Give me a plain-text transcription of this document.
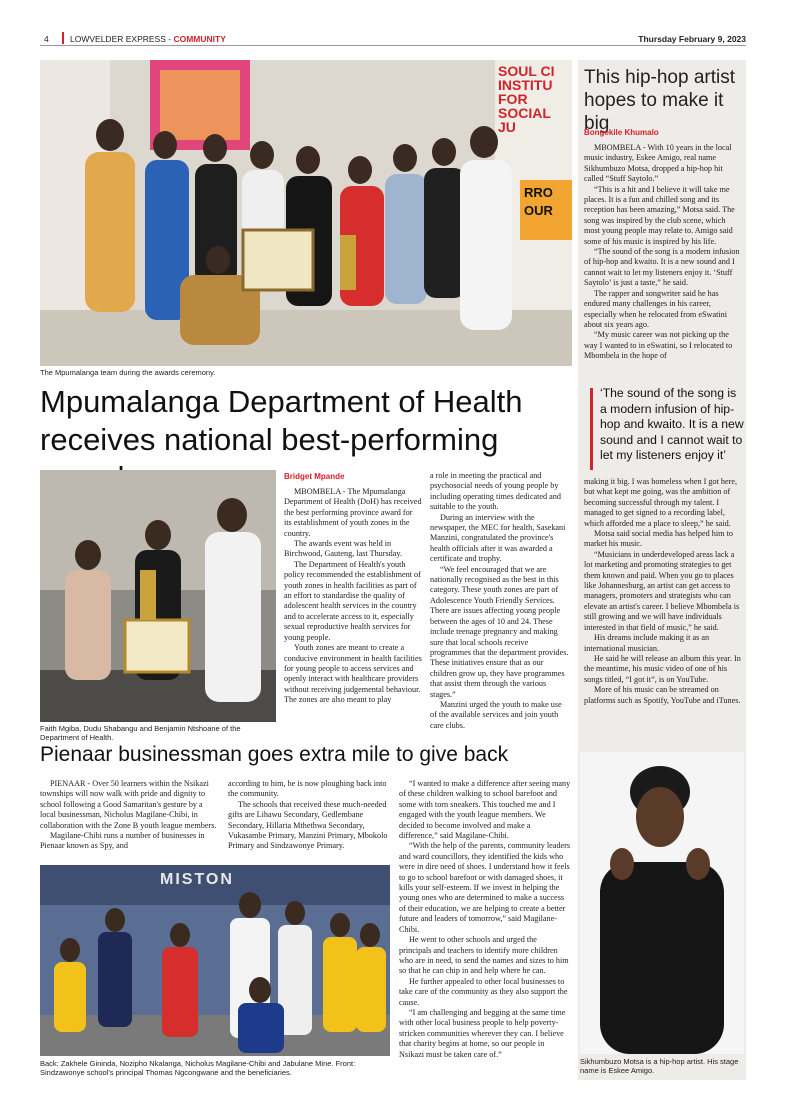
4	LOWVELDER EXPRESS - COMMUNITY	Thursday February 9, 2023
SOUL CI INSTITU FOR SOCIAL JU
RRO OUR
The Mpumalanga team during the awards ceremony.
Mpumalanga Department of Health receives national best-performing
Faith Mgiba, Dudu Shabangu and Benjamin Ntshoane of the Department of Health.
Bridget Mpande

MBOMBELA - The Mpumalanga Department of Health (DoH) has received the best performing province award for its establishment of youth zones in the country.

The awards event was held in Birchwood, Gauteng, last Thursday.

The Department of Health's youth policy recommended the establishment of youth zones in health facilities as part of an effort to standardise the quality of adolescent health services in the country and to accelerate access to it, especially sexual reproductive health services for young people.

Youth zones are meant to create a conducive environment in health facilities for young people to access services and openly interact with healthcare providers without receiving judgemental behaviour. The zones are also meant to play

a role in meeting the practical and psychosocial needs of young people by including operating times dedicated and suitable to the youth.

During an interview with the newspaper, the MEC for health, Sasekani Manzini, congratulated the province's health officials after it was awarded a certificate and trophy.

“We feel encouraged that we are nationally recognised as the best in this category. These youth zones are part of Adolescence Youth Friendly Services. There are issues affecting young people between the ages of 10 and 24. These include teenage pregnancy and making sure that local schools receive programmes that the department provides. These initiatives ensure that as our children grow up, they have programmes that assist them through the various stages.”

Manzini urged the youth to make use of the available services and join youth care clubs.

Pienaar businessman goes extra mile to give back

PIENAAR - Over 50 learners within the Nsikazi townships will now walk with pride and dignity to school following a Good Samaritan's gesture by a local businessman, Nicholus Magilane-Chibi, in collaboration with the Zone B youth league members.

Magilane-Chibi runs a number of businesses in Pienaar known as Spy, and

according to him, he is now ploughing back into the community.

The schools that received these much-needed gifts are Lihawu Secondary, Gedlembane Secondary, Hillaria Mthethwa Secondary, Vukasambe Primary, Manzini Primary, Mbokolo Primary and Sindzawonye Primary.

“I wanted to make a difference after seeing many of these children walking to school barefoot and some with torn sneakers. This touched me and I engaged with the youth league members. We decided to become involved and make a difference,” said Magilane-Chibi.

“With the help of the parents, community leaders and ward councillors, they identified the kids who were in dire need of shoes. I understand how it feels to go to school barefoot or with damaged shoes, it kills your self-esteem. If we invest in helping the young ones who are determined to make a success of their education, we are helping to create a better future and leaders of tomorrow,” said Magilane-Chibi.

He went to other schools and urged the principals and teachers to identify more children who are in need, to send the names and sizes to him so that he can chip in and help where he can.

He further appealed to other local businesses to take care of the community as they also support the cause.

“I am challenging and begging at the same time with other local business people to help poverty-stricken communities wherever they can. I believe that charity begins at home, so our people in Nsikazi must be taken care of.”

MISTON
Back: Zakhele Ginindа, Nozipho Nkalanga, Nicholus Magilane-Chibi and Jabulane Mine. Front: Sindzawonye school's principal Thomas Ngcongwane and the beneficiaries.
This hip-hop artist hopes to make it big
Bongekile Khumalo

MBOMBELA - With 10 years in the local music industry, Eskee Amigo, real name Sikhumbuzo Motsa, dropped a hip-hop hit called “Stuff Saytolo.”

“This is a hit and I believe it will take me places. It is a fun and chilled song and its reception has been amazing,” Motsa said. The song was inspired by the club scene, which most young people may relate to. Amigo said some of his music is inspired by his life.

“The sound of the song is a modern infusion of hip-hop and kwaito. It is a new sound and I cannot wait to let my listeners enjoy it. ‘Stuff Saytolo’ is just a taste,” he said.

The rapper and songwriter said he has endured many challenges in his career, especially when he relocated from eSwatini about six years ago.

“My music career was not picking up the way I wanted to in eSwatini, so I relocated to Mbombela in the hope of

‘The sound of the song is a modern infusion of hip-hop and kwaito. It is a new sound and I cannot wait to let my listeners enjoy it’

making it big. I was homeless when I got here, but what kept me going, was the ambition of becoming successful through my talent. I managed to get signed to a recording label, which afforded me a place to sleep,” he said.

Motsa said social media has helped him to market his music.

“Musicians in underdeveloped areas lack a lot marketing and promoting strategies to get them known and paid. When you go to places like Johannesburg, an artist can get access to managers, promoters and strategists who can elevate an artist's career. I believe Mbombela is still growing and we will have individuals interested in that field of music,” he said.

His dreams include making it as an international musician.

He said he will release an album this year. In the meantime, his music video of one of his songs titled, “I got it”, is on YouTube.

More of his music can be streamed on platforms such as Spotify, YouTube and iTunes.

Sikhumbuzo Motsa is a hip-hop artist. His stage name is Eskee Amigo.
